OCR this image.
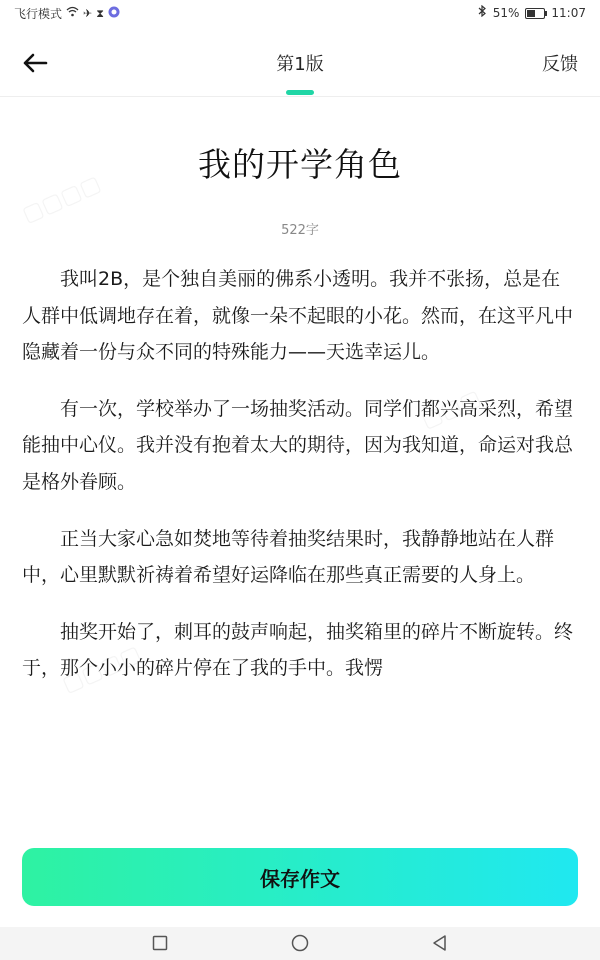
飞行模式 ✈ ⧗	51%	11:07
第1版	反馈
我的开学角色
522字

我叫2B，是个独自美丽的佛系小透明。我并不张扬，总是在人群中低调地存在着，就像一朵不起眼的小花。然而，在这平凡中隐藏着一份与众不同的特殊能力——天选幸运儿。

有一次，学校举办了一场抽奖活动。同学们都兴高采烈，希望能抽中心仪。我并没有抱着太大的期待，因为我知道，命运对我总是格外眷顾。

正当大家心急如焚地等待着抽奖结果时，我静静地站在人群中，心里默默祈祷着希望好运降临在那些真正需要的人身上。

抽奖开始了，刺耳的鼓声响起，抽奖箱里的碎片不断旋转。终于，那个小小的碎片停在了我的手中。我愣

保存作文
